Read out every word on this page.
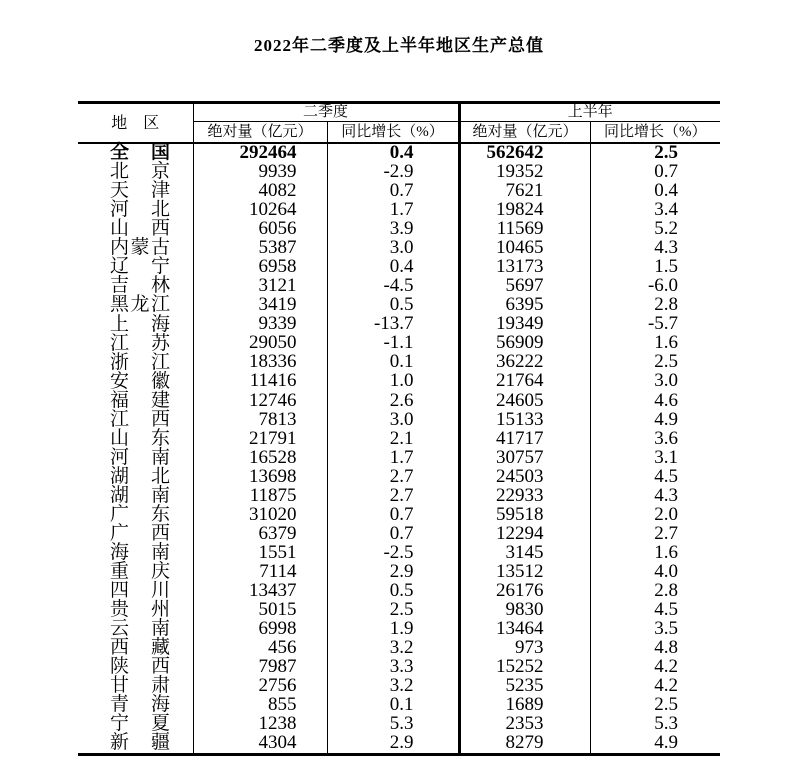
2022年二季度及上半年地区生产总值
地　区	二季度		上半年	
	绝对量（亿元）	同比增长（%）	绝对量（亿元）	同比增长（%）

全 国	292464	0.4	562642	2.5

北 京	9939	-2.9	19352	0.7

天 津	4082	0.7	7621	0.4

河 北	10264	1.7	19824	3.4

山 西	6056	3.9	11569	5.2

内 蒙 古	5387	3.0	10465	4.3

辽 宁	6958	0.4	13173	1.5

吉 林	3121	-4.5	5697	-6.0

黑 龙 江	3419	0.5	6395	2.8

上 海	9339	-13.7	19349	-5.7

江 苏	29050	-1.1	56909	1.6

浙 江	18336	0.1	36222	2.5

安 徽	11416	1.0	21764	3.0

福 建	12746	2.6	24605	4.6

江 西	7813	3.0	15133	4.9

山 东	21791	2.1	41717	3.6

河 南	16528	1.7	30757	3.1

湖 北	13698	2.7	24503	4.5

湖 南	11875	2.7	22933	4.3

广 东	31020	0.7	59518	2.0

广 西	6379	0.7	12294	2.7

海 南	1551	-2.5	3145	1.6

重 庆	7114	2.9	13512	4.0

四 川	13437	0.5	26176	2.8

贵 州	5015	2.5	9830	4.5

云 南	6998	1.9	13464	3.5

西 藏	456	3.2	973	4.8

陕 西	7987	3.3	15252	4.2

甘 肃	2756	3.2	5235	4.2

青 海	855	0.1	1689	2.5

宁 夏	1238	5.3	2353	5.3

新 疆	4304	2.9	8279	4.9
